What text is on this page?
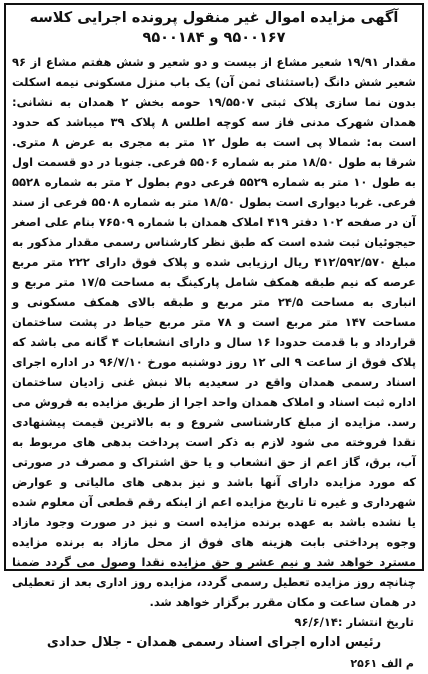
آگهی مزایده اموال غیر منقول پرونده اجرایی کلاسه ۹۵۰۰۱۶۷ و ۹۵۰۰۱۸۴

مقدار ۱۹/۹۱ شعیر مشاع از بیست و دو شعیر و شش هفتم مشاع از ۹۶ شعیر شش دانگ (باستثنای ثمن آن) یک باب منزل مسکونی نیمه اسکلت بدون نما سازی پلاک ثبتی ۱۹/۵۵۰۷ حومه بخش ۲ همدان به نشانی: همدان شهرک مدنی فاز سه کوچه اطلس ۸ پلاک ۳۹ میباشد که حدود است به: شمالا پی است به طول ۱۲ متر به مجری به عرض ۸ متری. شرقا به طول ۱۸/۵۰ متر به شماره ۵۵۰۶ فرعی. جنوبا در دو قسمت اول به طول ۱۰ متر به شماره ۵۵۲۹ فرعی دوم بطول ۲ متر به شماره ۵۵۲۸ فرعی. غربا دیواری است بطول ۱۸/۵۰ متر به شماره ۵۵۰۸ فرعی از سند آن در صفحه ۱۰۲ دفتر ۴۱۹ املاک همدان با شماره ۷۶۵۰۹ بنام علی اصغر حیجوئیان ثبت شده است که طبق نظر کارشناس رسمی مقدار مذکور به مبلغ ۴۱۲/۵۹۲/۵۷۰ ریال ارزیابی شده و پلاک فوق دارای ۲۲۲ متر مربع عرصه که نیم طبقه همکف شامل پارکینگ به مساحت ۱۷/۵ متر مربع و انباری به مساحت ۲۴/۵ متر مربع و طبقه بالای همکف مسکونی و مساحت ۱۴۷ متر مربع است و ۷۸ متر مربع حیاط در پشت ساختمان قرارداد و با قدمت حدودا ۱۶ سال و دارای انشعابات ۴ گانه می باشد که پلاک فوق از ساعت ۹ الی ۱۲ روز دوشنبه مورخ ۹۶/۷/۱۰ در اداره اجرای اسناد رسمی همدان واقع در سعیدیه بالا نبش غنی زادیان ساختمان اداره ثبت اسناد و املاک همدان واحد اجرا از طریق مزایده به فروش می رسد. مزایده از مبلغ کارشناسی شروع و به بالاترین قیمت پیشنهادی نقدا فروخته می شود لازم به ذکر است پرداخت بدهی های مربوط به آب، برق، گاز اعم از حق انشعاب و یا حق اشتراک و مصرف در صورتی که مورد مزایده دارای آنها باشد و نیز بدهی های مالیاتی و عوارض شهرداری و غیره تا تاریخ مزایده اعم از اینکه رقم قطعی آن معلوم شده یا نشده باشد به عهده برنده مزایده است و نیز در صورت وجود مازاد وجوه پرداختی بابت هزینه های فوق از محل مازاد به برنده مزایده مسترد خواهد شد و نیم عشر و حق مزایده نقدا وصول می گردد ضمنا چنانچه روز مزایده تعطیل رسمی گردد، مزایده روز اداری بعد از تعطیلی در همان ساعت و مکان مقرر برگزار خواهد شد.

تاریخ انتشار :۹۶/۶/۱۴

رئیس اداره اجرای اسناد رسمی همدان - جلال حدادی

م الف ۲۵۶۱
